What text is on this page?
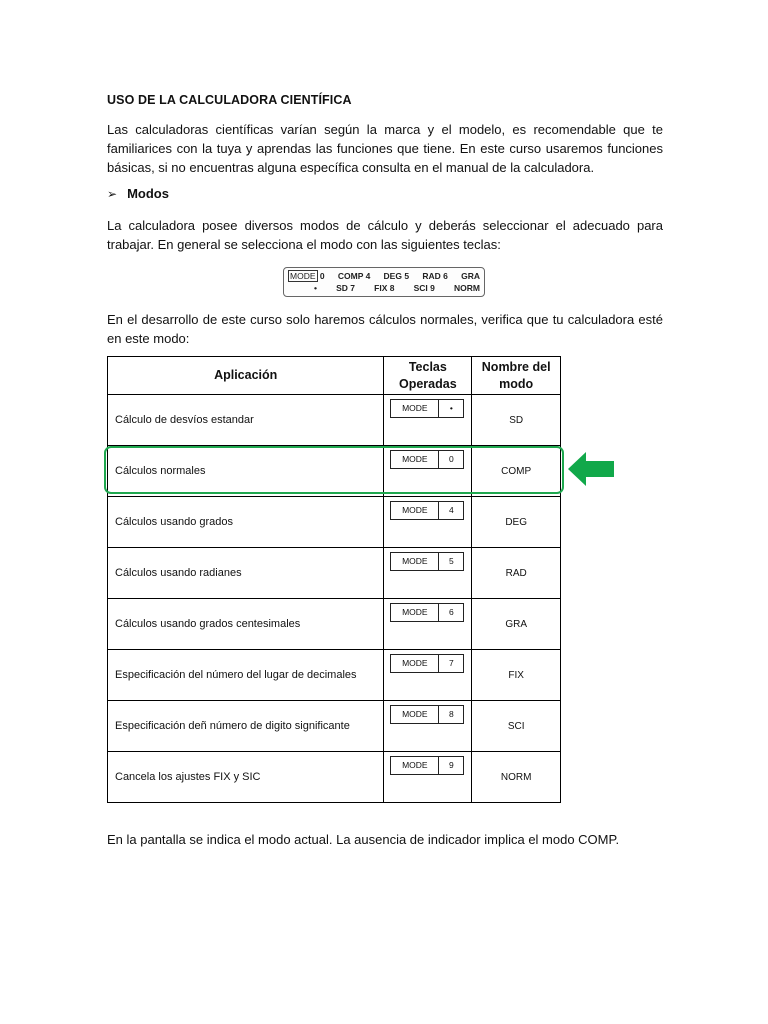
USO DE LA CALCULADORA CIENTÍFICA
Las calculadoras científicas varían según la marca y el modelo, es recomendable que te familiarices con la tuya y aprendas las funciones que tiene. En este curso usaremos funciones básicas, si no encuentras alguna específica consulta en el manual de la calculadora.
➢ Modos
La calculadora posee diversos modos de cálculo y deberás seleccionar el adecuado para trabajar. En general se selecciona el modo con las siguientes teclas:
MODE 0 COMP 4 DEG 5 RAD 6 GRA
• SD 7 FIX 8 SCI 9 NORM
En el desarrollo de este curso solo haremos cálculos normales, verifica que tu calculadora esté en este modo:
Aplicación	Teclas Operadas	Nombre del modo
Cálculo de desvíos estandar	MODE •	SD
Cálculos normales	MODE 0	COMP
Cálculos usando grados	MODE 4	DEG
Cálculos usando radianes	MODE 5	RAD
Cálculos usando grados centesimales	MODE 6	GRA
Especificación del número del lugar de decimales	MODE 7	FIX
Especificación deñ número de digito significante	MODE 8	SCI
Cancela los ajustes FIX y SIC	MODE 9	NORM
En la pantalla se indica el modo actual. La ausencia de indicador implica el modo COMP.
